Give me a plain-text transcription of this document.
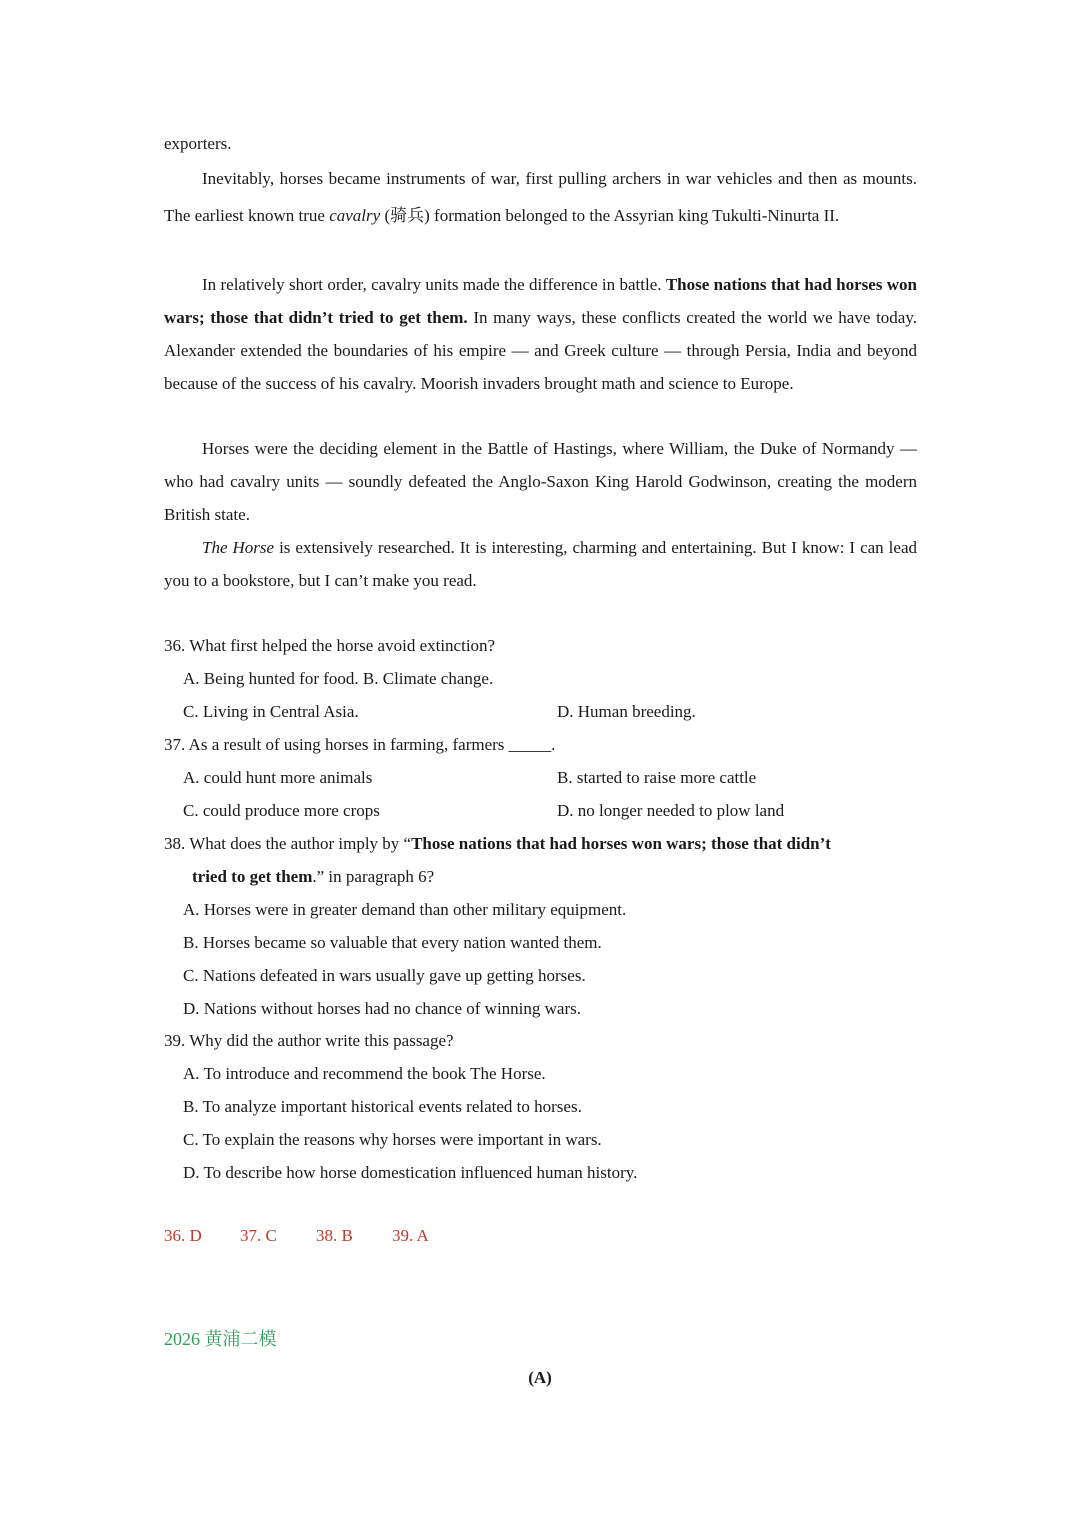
exporters.

Inevitably, horses became instruments of war, first pulling archers in war vehicles and then as mounts. The earliest known true cavalry (骑兵) formation belonged to the Assyrian king Tukulti-Ninurta II.

In relatively short order, cavalry units made the difference in battle. Those nations that had horses won wars; those that didn’t tried to get them. In many ways, these conflicts created the world we have today. Alexander extended the boundaries of his empire — and Greek culture — through Persia, India and beyond because of the success of his cavalry. Moorish invaders brought math and science to Europe.

Horses were the deciding element in the Battle of Hastings, where William, the Duke of Normandy — who had cavalry units — soundly defeated the Anglo-Saxon King Harold Godwinson, creating the modern British state.

The Horse is extensively researched. It is interesting, charming and entertaining. But I know: I can lead you to a bookstore, but I can’t make you read.

36. What first helped the horse avoid extinction?

A. Being hunted for food. B. Climate change.

C. Living in Central Asia.	D. Human breeding.

37. As a result of using horses in farming, farmers _____.

A. could hunt more animals	B. started to raise more cattle

C. could produce more crops	D. no longer needed to plow land

38. What does the author imply by “Those nations that had horses won wars; those that didn’t

tried to get them.” in paragraph 6?

A. Horses were in greater demand than other military equipment.

B. Horses became so valuable that every nation wanted them.

C. Nations defeated in wars usually gave up getting horses.

D. Nations without horses had no chance of winning wars.

39. Why did the author write this passage?

A. To introduce and recommend the book The Horse.

B. To analyze important historical events related to horses.

C. To explain the reasons why horses were important in wars.

D. To describe how horse domestication influenced human history.

36. D 37. C 38. B 39. A
2026 黄浦二模
(A)
